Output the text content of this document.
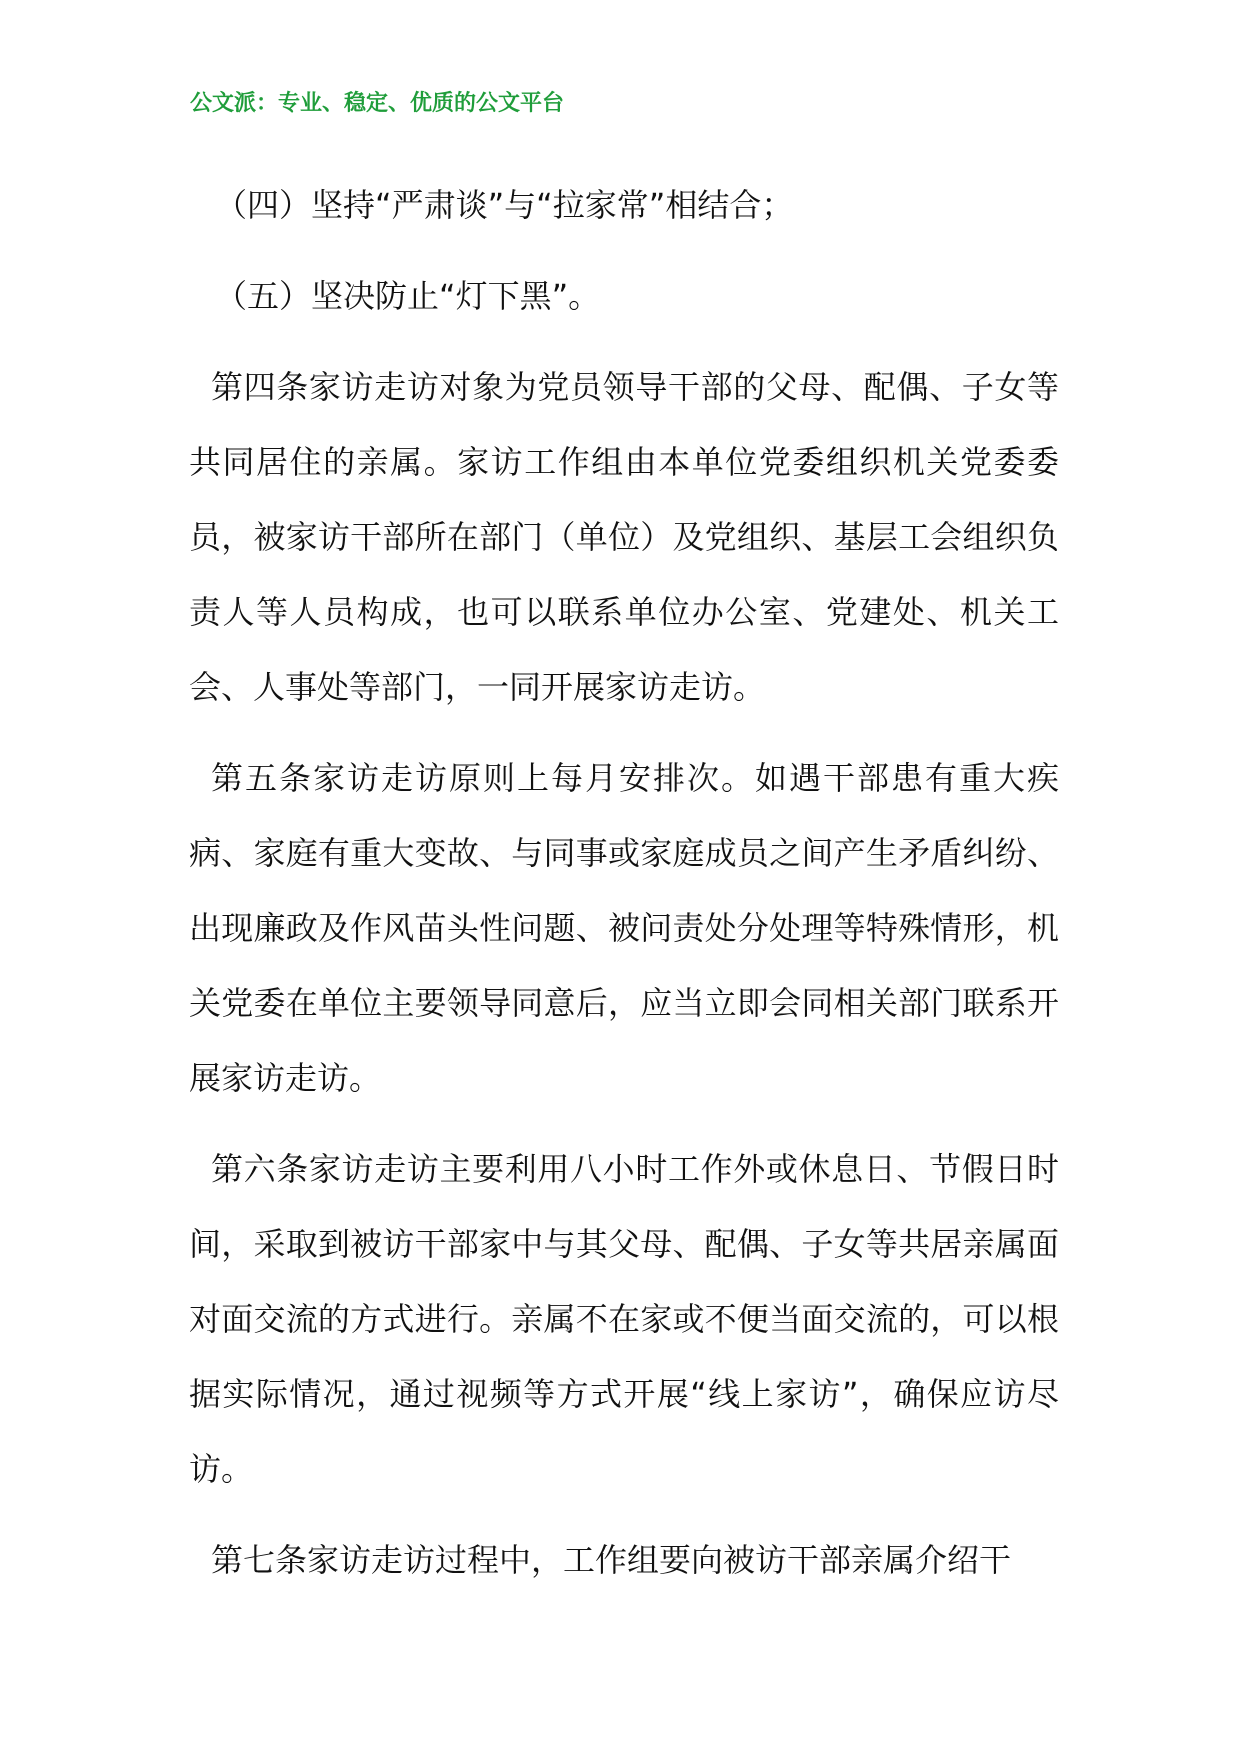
公文派：专业、稳定、优质的公文平台

（四）坚持“严肃谈”与“拉家常”相结合；

（五）坚决防止“灯下黑”。

第四条家访走访对象为党员领导干部的父母、配偶、子女等共同居住的亲属。家访工作组由本单位党委组织机关党委委员，被家访干部所在部门（单位）及党组织、基层工会组织负责人等人员构成，也可以联系单位办公室、党建处、机关工会、人事处等部门，一同开展家访走访。

第五条家访走访原则上每月安排次。如遇干部患有重大疾病、家庭有重大变故、与同事或家庭成员之间产生矛盾纠纷、出现廉政及作风苗头性问题、被问责处分处理等特殊情形，机关党委在单位主要领导同意后，应当立即会同相关部门联系开展家访走访。

第六条家访走访主要利用八小时工作外或休息日、节假日时间，采取到被访干部家中与其父母、配偶、子女等共居亲属面对面交流的方式进行。亲属不在家或不便当面交流的，可以根据实际情况，通过视频等方式开展“线上家访”，确保应访尽访。

第七条家访走访过程中，工作组要向被访干部亲属介绍干
